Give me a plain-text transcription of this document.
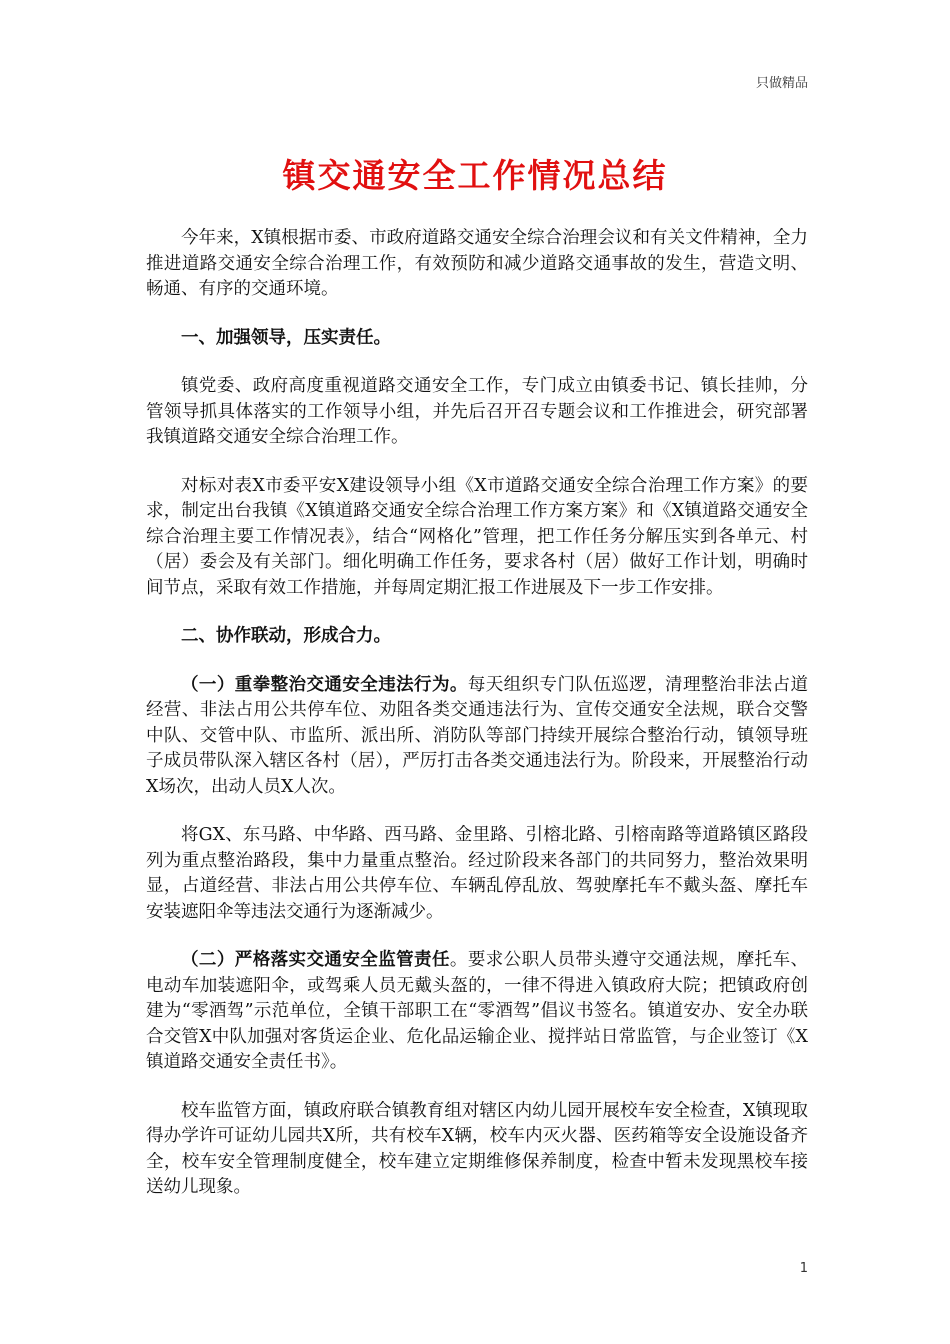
只做精品
镇交通安全工作情况总结

今年来，X镇根据市委、市政府道路交通安全综合治理会议和有关文件精神，全力推进道路交通安全综合治理工作，有效预防和减少道路交通事故的发生，营造文明、畅通、有序的交通环境。

一、加强领导，压实责任。

镇党委、政府高度重视道路交通安全工作，专门成立由镇委书记、镇长挂帅，分管领导抓具体落实的工作领导小组，并先后召开召专题会议和工作推进会，研究部署我镇道路交通安全综合治理工作。

对标对表X市委平安X建设领导小组《X市道路交通安全综合治理工作方案》的要求，制定出台我镇《X镇道路交通安全综合治理工作方案方案》和《X镇道路交通安全综合治理主要工作情况表》，结合“网格化”管理，把工作任务分解压实到各单元、村（居）委会及有关部门。细化明确工作任务，要求各村（居）做好工作计划，明确时间节点，采取有效工作措施，并每周定期汇报工作进展及下一步工作安排。

二、协作联动，形成合力。

（一）重拳整治交通安全违法行为。每天组织专门队伍巡逻，清理整治非法占道经营、非法占用公共停车位、劝阻各类交通违法行为、宣传交通安全法规，联合交警中队、交管中队、市监所、派出所、消防队等部门持续开展综合整治行动，镇领导班子成员带队深入辖区各村（居），严厉打击各类交通违法行为。阶段来，开展整治行动X场次，出动人员X人次。

将GX、东马路、中华路、西马路、金里路、引榕北路、引榕南路等道路镇区路段列为重点整治路段，集中力量重点整治。经过阶段来各部门的共同努力，整治效果明显，占道经营、非法占用公共停车位、车辆乱停乱放、驾驶摩托车不戴头盔、摩托车安装遮阳伞等违法交通行为逐渐减少。

（二）严格落实交通安全监管责任。要求公职人员带头遵守交通法规，摩托车、电动车加装遮阳伞，或驾乘人员无戴头盔的，一律不得进入镇政府大院；把镇政府创建为“零酒驾”示范单位，全镇干部职工在“零酒驾”倡议书签名。镇道安办、安全办联合交管X中队加强对客货运企业、危化品运输企业、搅拌站日常监管，与企业签订《X镇道路交通安全责任书》。

校车监管方面，镇政府联合镇教育组对辖区内幼儿园开展校车安全检查，X镇现取得办学许可证幼儿园共X所，共有校车X辆，校车内灭火器、医药箱等安全设施设备齐全，校车安全管理制度健全，校车建立定期维修保养制度，检查中暂未发现黑校车接送幼儿现象。

1
